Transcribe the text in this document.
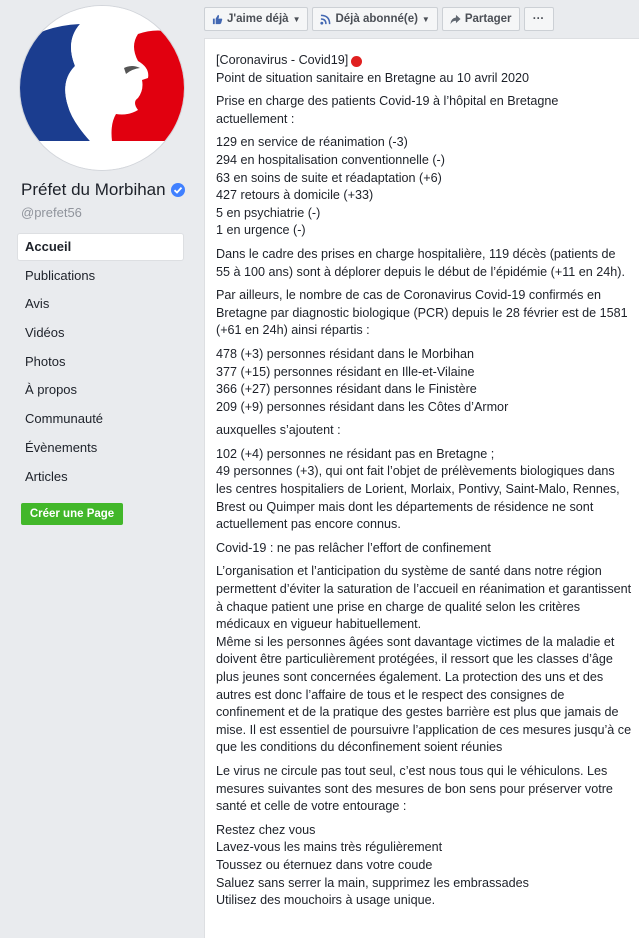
Préfet du Morbihan
@prefet56
Accueil
Publications
Avis
Vidéos
Photos
À propos
Communauté
Évènements
Articles
Créer une Page
J'aime déjà ▼	Déjà abonné(e) ▼	Partager ···

[Coronavirus - Covid19]
Point de situation sanitaire en Bretagne au 10 avril 2020

Prise en charge des patients Covid-19 à l’hôpital en Bretagne actuellement :

129 en service de réanimation (-3)
294 en hospitalisation conventionnelle (-)
63 en soins de suite et réadaptation (+6)
427 retours à domicile (+33)
5 en psychiatrie (-)
1 en urgence (-)

Dans le cadre des prises en charge hospitalière, 119 décès (patients de 55 à 100 ans) sont à déplorer depuis le début de l’épidémie (+11 en 24h).

Par ailleurs, le nombre de cas de Coronavirus Covid-19 confirmés en Bretagne par diagnostic biologique (PCR) depuis le 28 février est de 1581 (+61 en 24h) ainsi répartis :

478 (+3) personnes résidant dans le Morbihan
377 (+15) personnes résidant en Ille-et-Vilaine
366 (+27) personnes résidant dans le Finistère
209 (+9) personnes résidant dans les Côtes d’Armor

auxquelles s’ajoutent :

102 (+4) personnes ne résidant pas en Bretagne ;
49 personnes (+3), qui ont fait l’objet de prélèvements biologiques dans les centres hospitaliers de Lorient, Morlaix, Pontivy, Saint-Malo, Rennes, Brest ou Quimper mais dont les départements de résidence ne sont actuellement pas encore connus.

Covid-19 : ne pas relâcher l’effort de confinement

L’organisation et l’anticipation du système de santé dans notre région permettent d’éviter la saturation de l’accueil en réanimation et garantissent à chaque patient une prise en charge de qualité selon les critères médicaux en vigueur habituellement.
Même si les personnes âgées sont davantage victimes de la maladie et doivent être particulièrement protégées, il ressort que les classes d’âge plus jeunes sont concernées également. La protection des uns et des autres est donc l’affaire de tous et le respect des consignes de confinement et de la pratique des gestes barrière est plus que jamais de mise. Il est essentiel de poursuivre l’application de ces mesures jusqu’à ce que les conditions du déconfinement soient réunies

Le virus ne circule pas tout seul, c’est nous tous qui le véhiculons. Les mesures suivantes sont des mesures de bon sens pour préserver votre santé et celle de votre entourage :

Restez chez vous
Lavez-vous les mains très régulièrement
Toussez ou éternuez dans votre coude
Saluez sans serrer la main, supprimez les embrassades
Utilisez des mouchoirs à usage unique.
